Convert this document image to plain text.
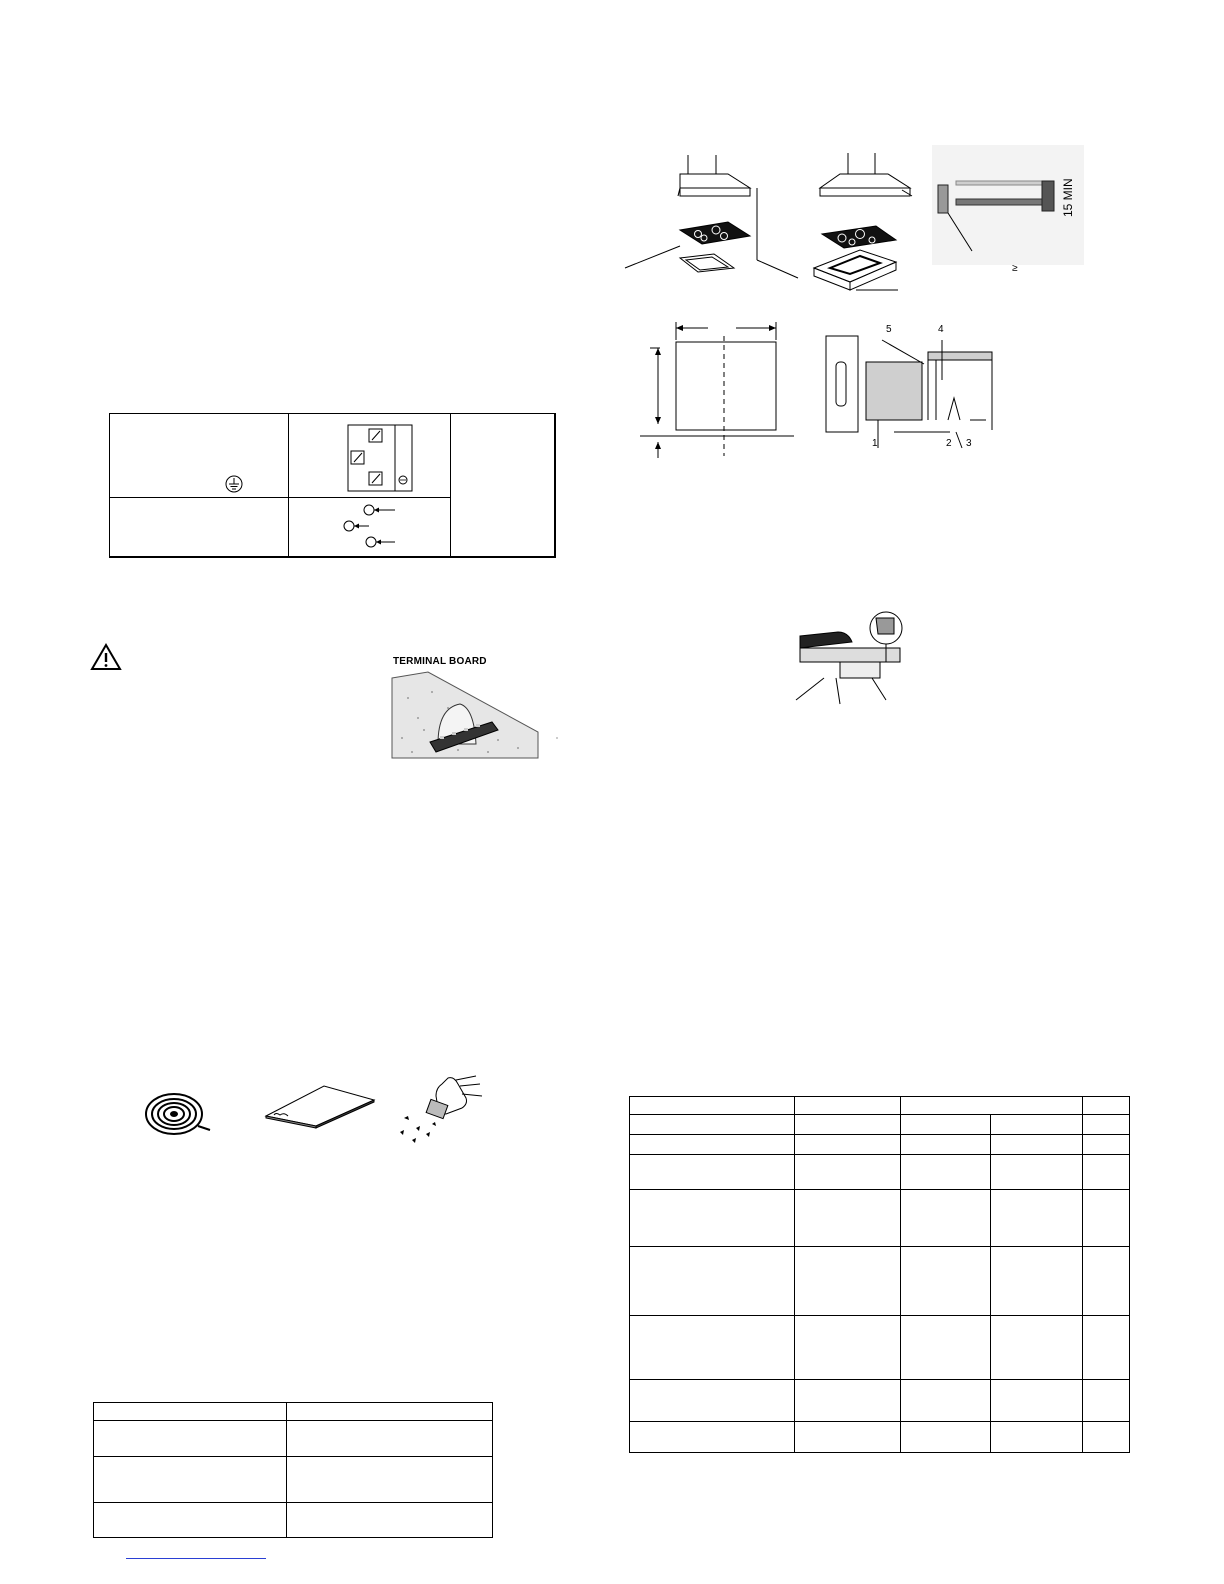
15 MIN
≥
5	4
1	2 3

TERMINAL BOARD
